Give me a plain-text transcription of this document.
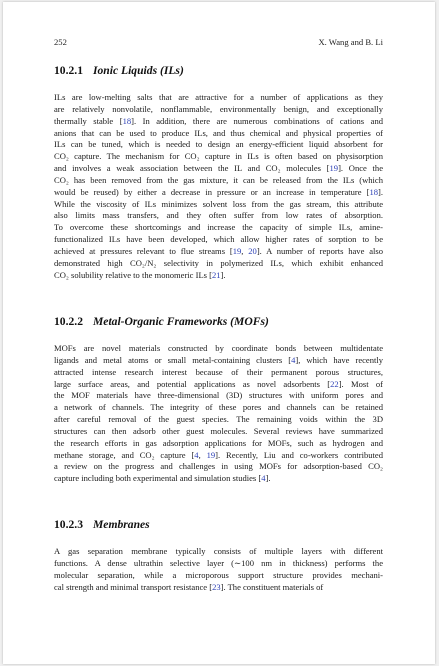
252	X. Wang and B. Li
10.2.1 Ionic Liquids (ILs)

ILs are low-melting salts that are attractive for a number of applications as they
are relatively nonvolatile, nonflammable, environmentally benign, and exceptionally
thermally stable [18]. In addition, there are numerous combinations of cations and
anions that can be used to produce ILs, and thus chemical and physical properties of
ILs can be tuned, which is needed to design an energy-efficient liquid absorbent for
CO₂ capture. The mechanism for CO₂ capture in ILs is often based on physisorption
and involves a weak association between the IL and CO₂ molecules [19]. Once the
CO₂ has been removed from the gas mixture, it can be released from the ILs (which
would be reused) by either a decrease in pressure or an increase in temperature [18].
While the viscosity of ILs minimizes solvent loss from the gas stream, this attribute
also limits mass transfers, and they often suffer from low rates of absorption.
To overcome these shortcomings and increase the capacity of simple ILs, amine-
functionalized ILs have been developed, which allow higher rates of sorption to be
achieved at pressures relevant to flue streams [19, 20]. A number of reports have also
demonstrated high CO₂/N₂ selectivity in polymerized ILs, which exhibit enhanced
CO₂ solubility relative to the monomeric ILs [21].

10.2.2 Metal-Organic Frameworks (MOFs)

MOFs are novel materials constructed by coordinate bonds between multidentate
ligands and metal atoms or small metal-containing clusters [4], which have recently
attracted intense research interest because of their permanent porous structures,
large surface areas, and potential applications as novel adsorbents [22]. Most of
the MOF materials have three-dimensional (3D) structures with uniform pores and
a network of channels. The integrity of these pores and channels can be retained
after careful removal of the guest species. The remaining voids within the 3D
structures can then adsorb other guest molecules. Several reviews have summarized
the research efforts in gas adsorption applications for MOFs, such as hydrogen and
methane storage, and CO₂ capture [4, 19]. Recently, Liu and co-workers contributed
a review on the progress and challenges in using MOFs for adsorption-based CO₂
capture including both experimental and simulation studies [4].

10.2.3 Membranes

A gas separation membrane typically consists of multiple layers with different
functions. A dense ultrathin selective layer (∼100 nm in thickness) performs the
molecular separation, while a microporous support structure provides mechani-
cal strength and minimal transport resistance [23]. The constituent materials of
